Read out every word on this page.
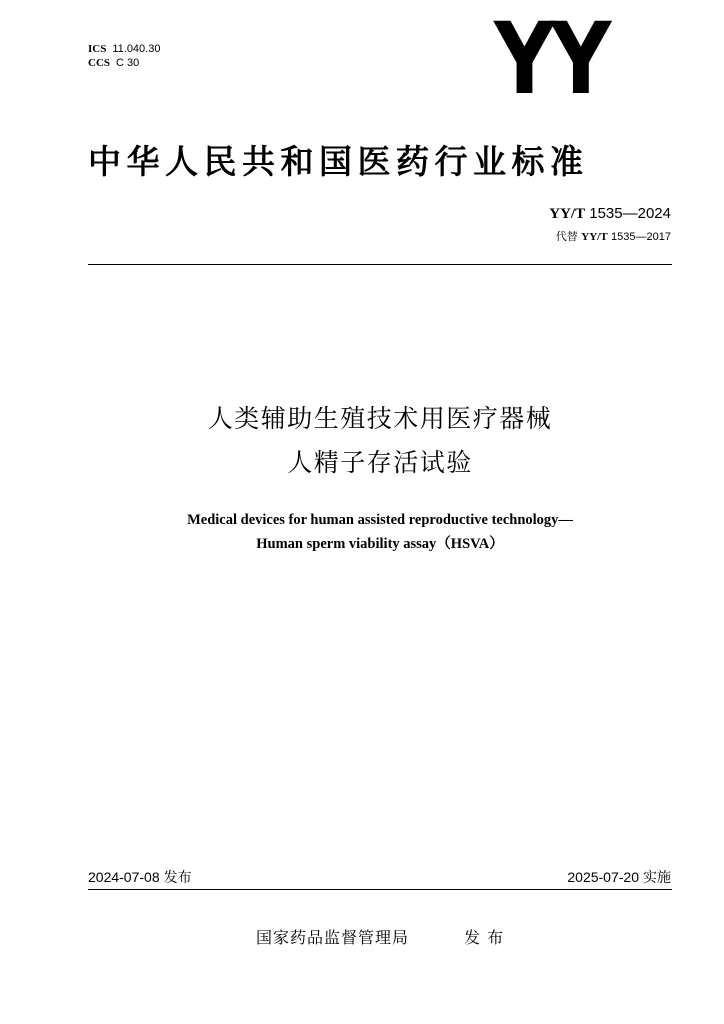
ICS 11.040.30
CCS C 30	YY
中华人民共和国医药行业标准
YY/T 1535—2024
代替 YY/T 1535—2017
人类辅助生殖技术用医疗器械
人精子存活试验
Medical devices for human assisted reproductive technology—
Human sperm viability assay（HSVA）
2024-07-08 发布	2025-07-20 实施
国家药品监督管理局	发 布
